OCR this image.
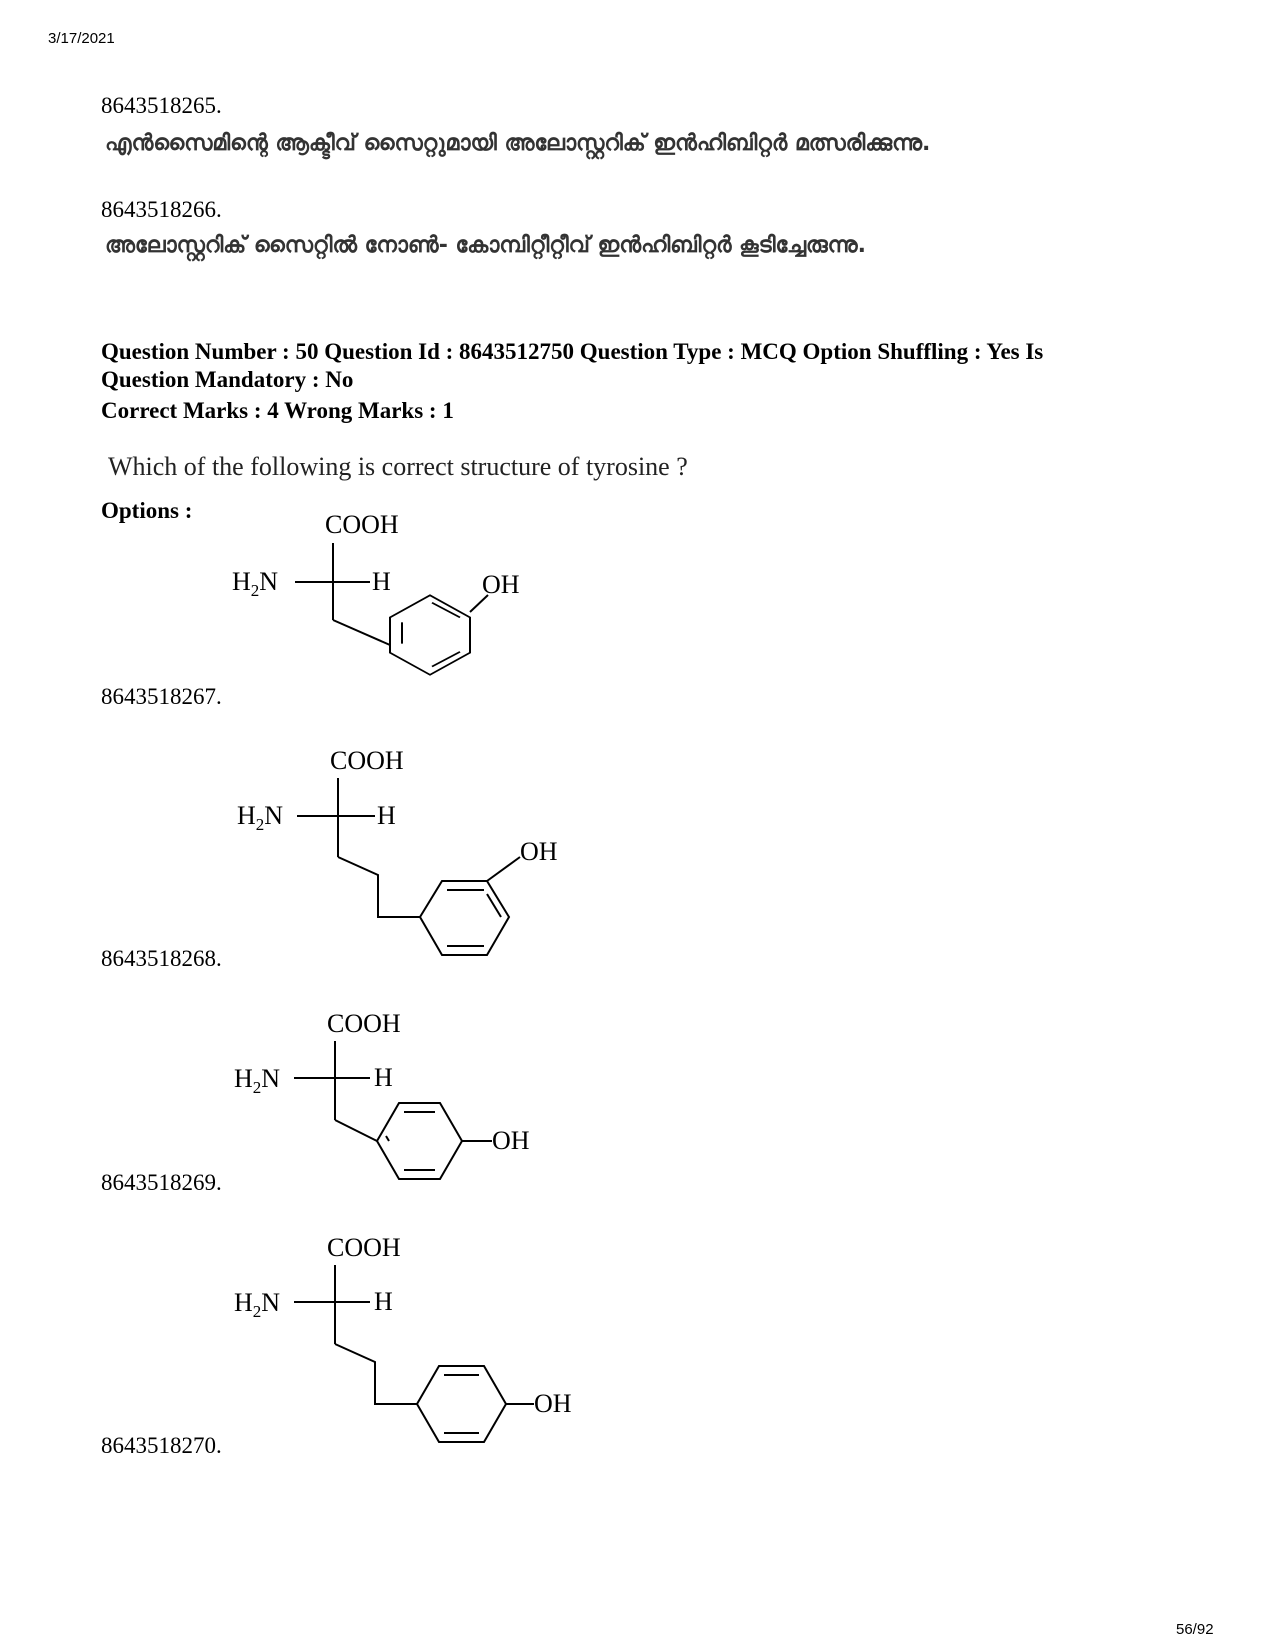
3/17/2021
8643518265.
എൻസൈമിന്റെ ആക്ടീവ് സൈറ്റുമായി അലോസ്റ്ററിക് ഇൻഹിബിറ്റർ മത്സരിക്കുന്നു.
8643518266.
അലോസ്റ്ററിക് സൈറ്റിൽ നോൺ- കോമ്പിറ്റീറ്റീവ് ഇൻഹിബിറ്റർ കൂടിച്ചേരുന്നു.
Question Number : 50 Question Id : 8643512750 Question Type : MCQ Option Shuffling : Yes Is
Question Mandatory : No
Correct Marks : 4 Wrong Marks : 1
Which of the following is correct structure of tyrosine ?
Options :	COOH
$H_2N$	H	OH
8643518267.
COOH
$H_2N$	H
OH
8643518268.
COOH
$H_2N$	H
OH
8643518269.
COOH
$H_2N$	H
OH
8643518270.
56/92
